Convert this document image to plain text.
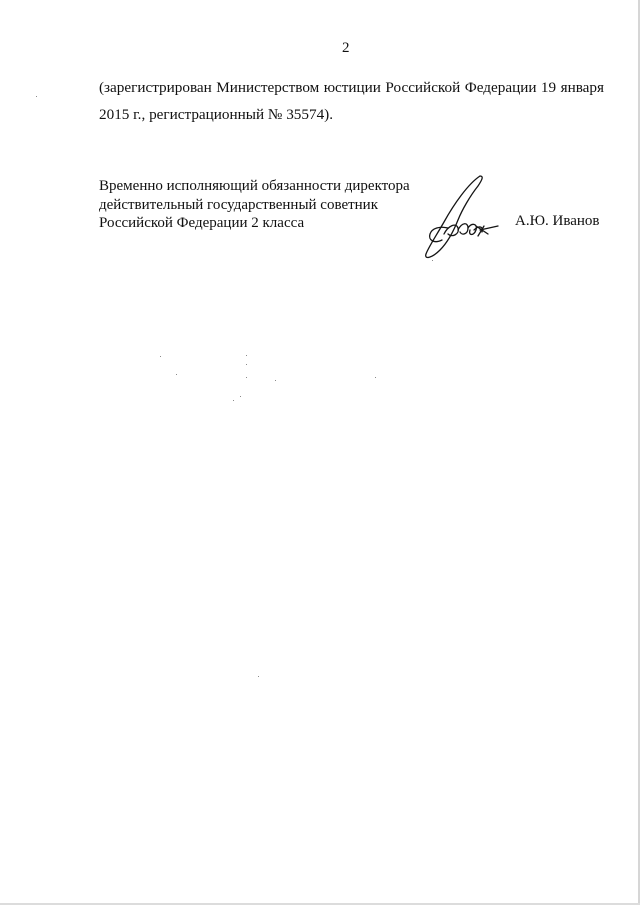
2
(зарегистрирован Министерством юстиции Российской Федерации 19 января
2015 г., регистрационный № 35574).
Временно исполняющий обязанности директора
действительный государственный советник
Российской Федерации 2 класса	А.Ю. Иванов
